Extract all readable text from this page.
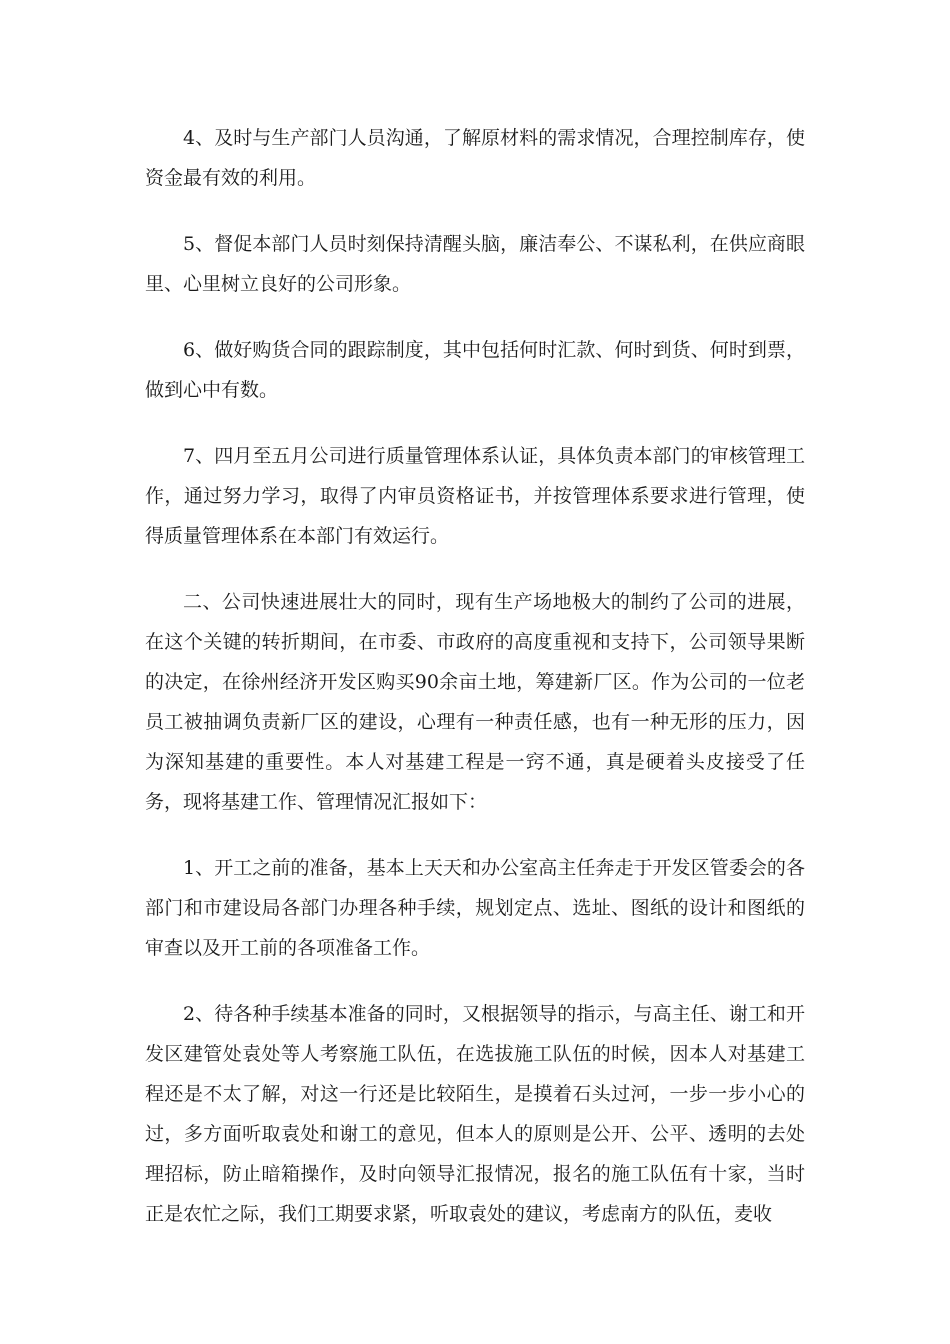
4、及时与生产部门人员沟通，了解原材料的需求情况，合理控制库存，使资金最有效的利用。

5、督促本部门人员时刻保持清醒头脑，廉洁奉公、不谋私利，在供应商眼里、心里树立良好的公司形象。

6、做好购货合同的跟踪制度，其中包括何时汇款、何时到货、何时到票，做到心中有数。

7、四月至五月公司进行质量管理体系认证，具体负责本部门的审核管理工作，通过努力学习，取得了内审员资格证书，并按管理体系要求进行管理，使得质量管理体系在本部门有效运行。

二、公司快速进展壮大的同时，现有生产场地极大的制约了公司的进展，在这个关键的转折期间，在市委、市政府的高度重视和支持下，公司领导果断的决定，在徐州经济开发区购买90余亩土地，筹建新厂区。作为公司的一位老员工被抽调负责新厂区的建设，心理有一种责任感，也有一种无形的压力，因为深知基建的重要性。本人对基建工程是一窍不通，真是硬着头皮接受了任务，现将基建工作、管理情况汇报如下：

1、开工之前的准备，基本上天天和办公室高主任奔走于开发区管委会的各部门和市建设局各部门办理各种手续，规划定点、选址、图纸的设计和图纸的审查以及开工前的各项准备工作。

2、待各种手续基本准备的同时，又根据领导的指示，与高主任、谢工和开发区建管处袁处等人考察施工队伍，在选拔施工队伍的时候，因本人对基建工程还是不太了解，对这一行还是比较陌生，是摸着石头过河，一步一步小心的过，多方面听取袁处和谢工的意见，但本人的原则是公开、公平、透明的去处理招标，防止暗箱操作，及时向领导汇报情况，报名的施工队伍有十家，当时正是农忙之际，我们工期要求紧，听取袁处的建议，考虑南方的队伍，麦收
